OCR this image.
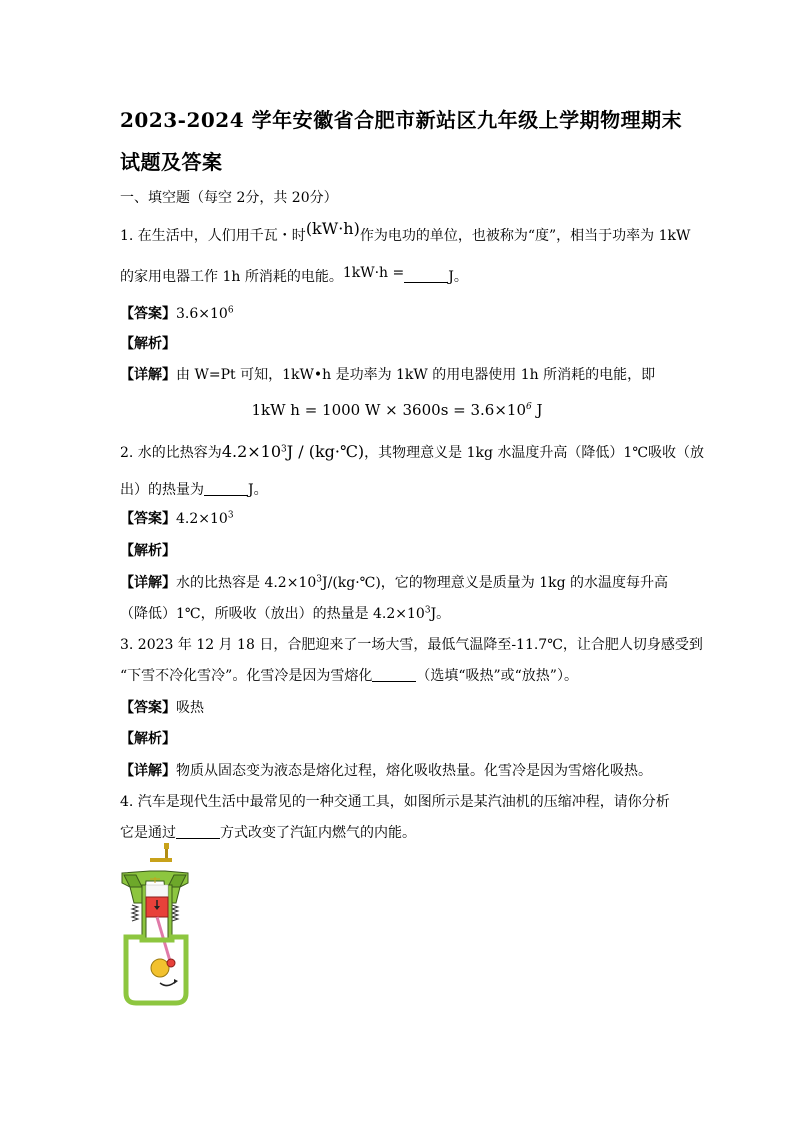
2023-2024 学年安徽省合肥市新站区九年级上学期物理期末
试题及答案
一、填空题（每空 2分，共 20分）
1. 在生活中，人们用千瓦・时(kW·h)作为电功的单位，也被称为“度”，相当于功率为 1kW
的家用电器工作 1h 所消耗的电能。1kW·h =	J。
【答案】$3.6\times 10^6$
【解析】
【详解】由 W=Pt 可知，1kW•h 是功率为 1kW 的用电器使用 1h 所消耗的电能，即
1kW h = 1000 $W \times 3600s = 3.6\times 10^6$ J
2. 水的比热容为$4.2\times 10^3J$ / (kg·℃)，其物理意义是 1kg 水温度升高（降低）1℃吸收（放
出）的热量为	J。
【答案】$4.2\times 10^3$
【解析】
【详解】水的比热容是 $4.2\times 10^3J/(kg\cdot℃)$，它的物理意义是质量为 1kg 的水温度每升高
（降低）1℃，所吸收（放出）的热量是 $4.2\times 10^3J$。
3. 2023 年 12 月 18 日，合肥迎来了一场大雪，最低气温降至-11.7℃，让合肥人切身感受到
“下雪不冷化雪冷”。化雪冷是因为雪熔化	（选填“吸热”或“放热”）。
【答案】吸热
【解析】
【详解】物质从固态变为液态是熔化过程，熔化吸收热量。化雪冷是因为雪熔化吸热。
4. 汽车是现代生活中最常见的一种交通工具，如图所示是某汽油机的压缩冲程，请你分析
它是通过	方式改变了汽缸内燃气的内能。
